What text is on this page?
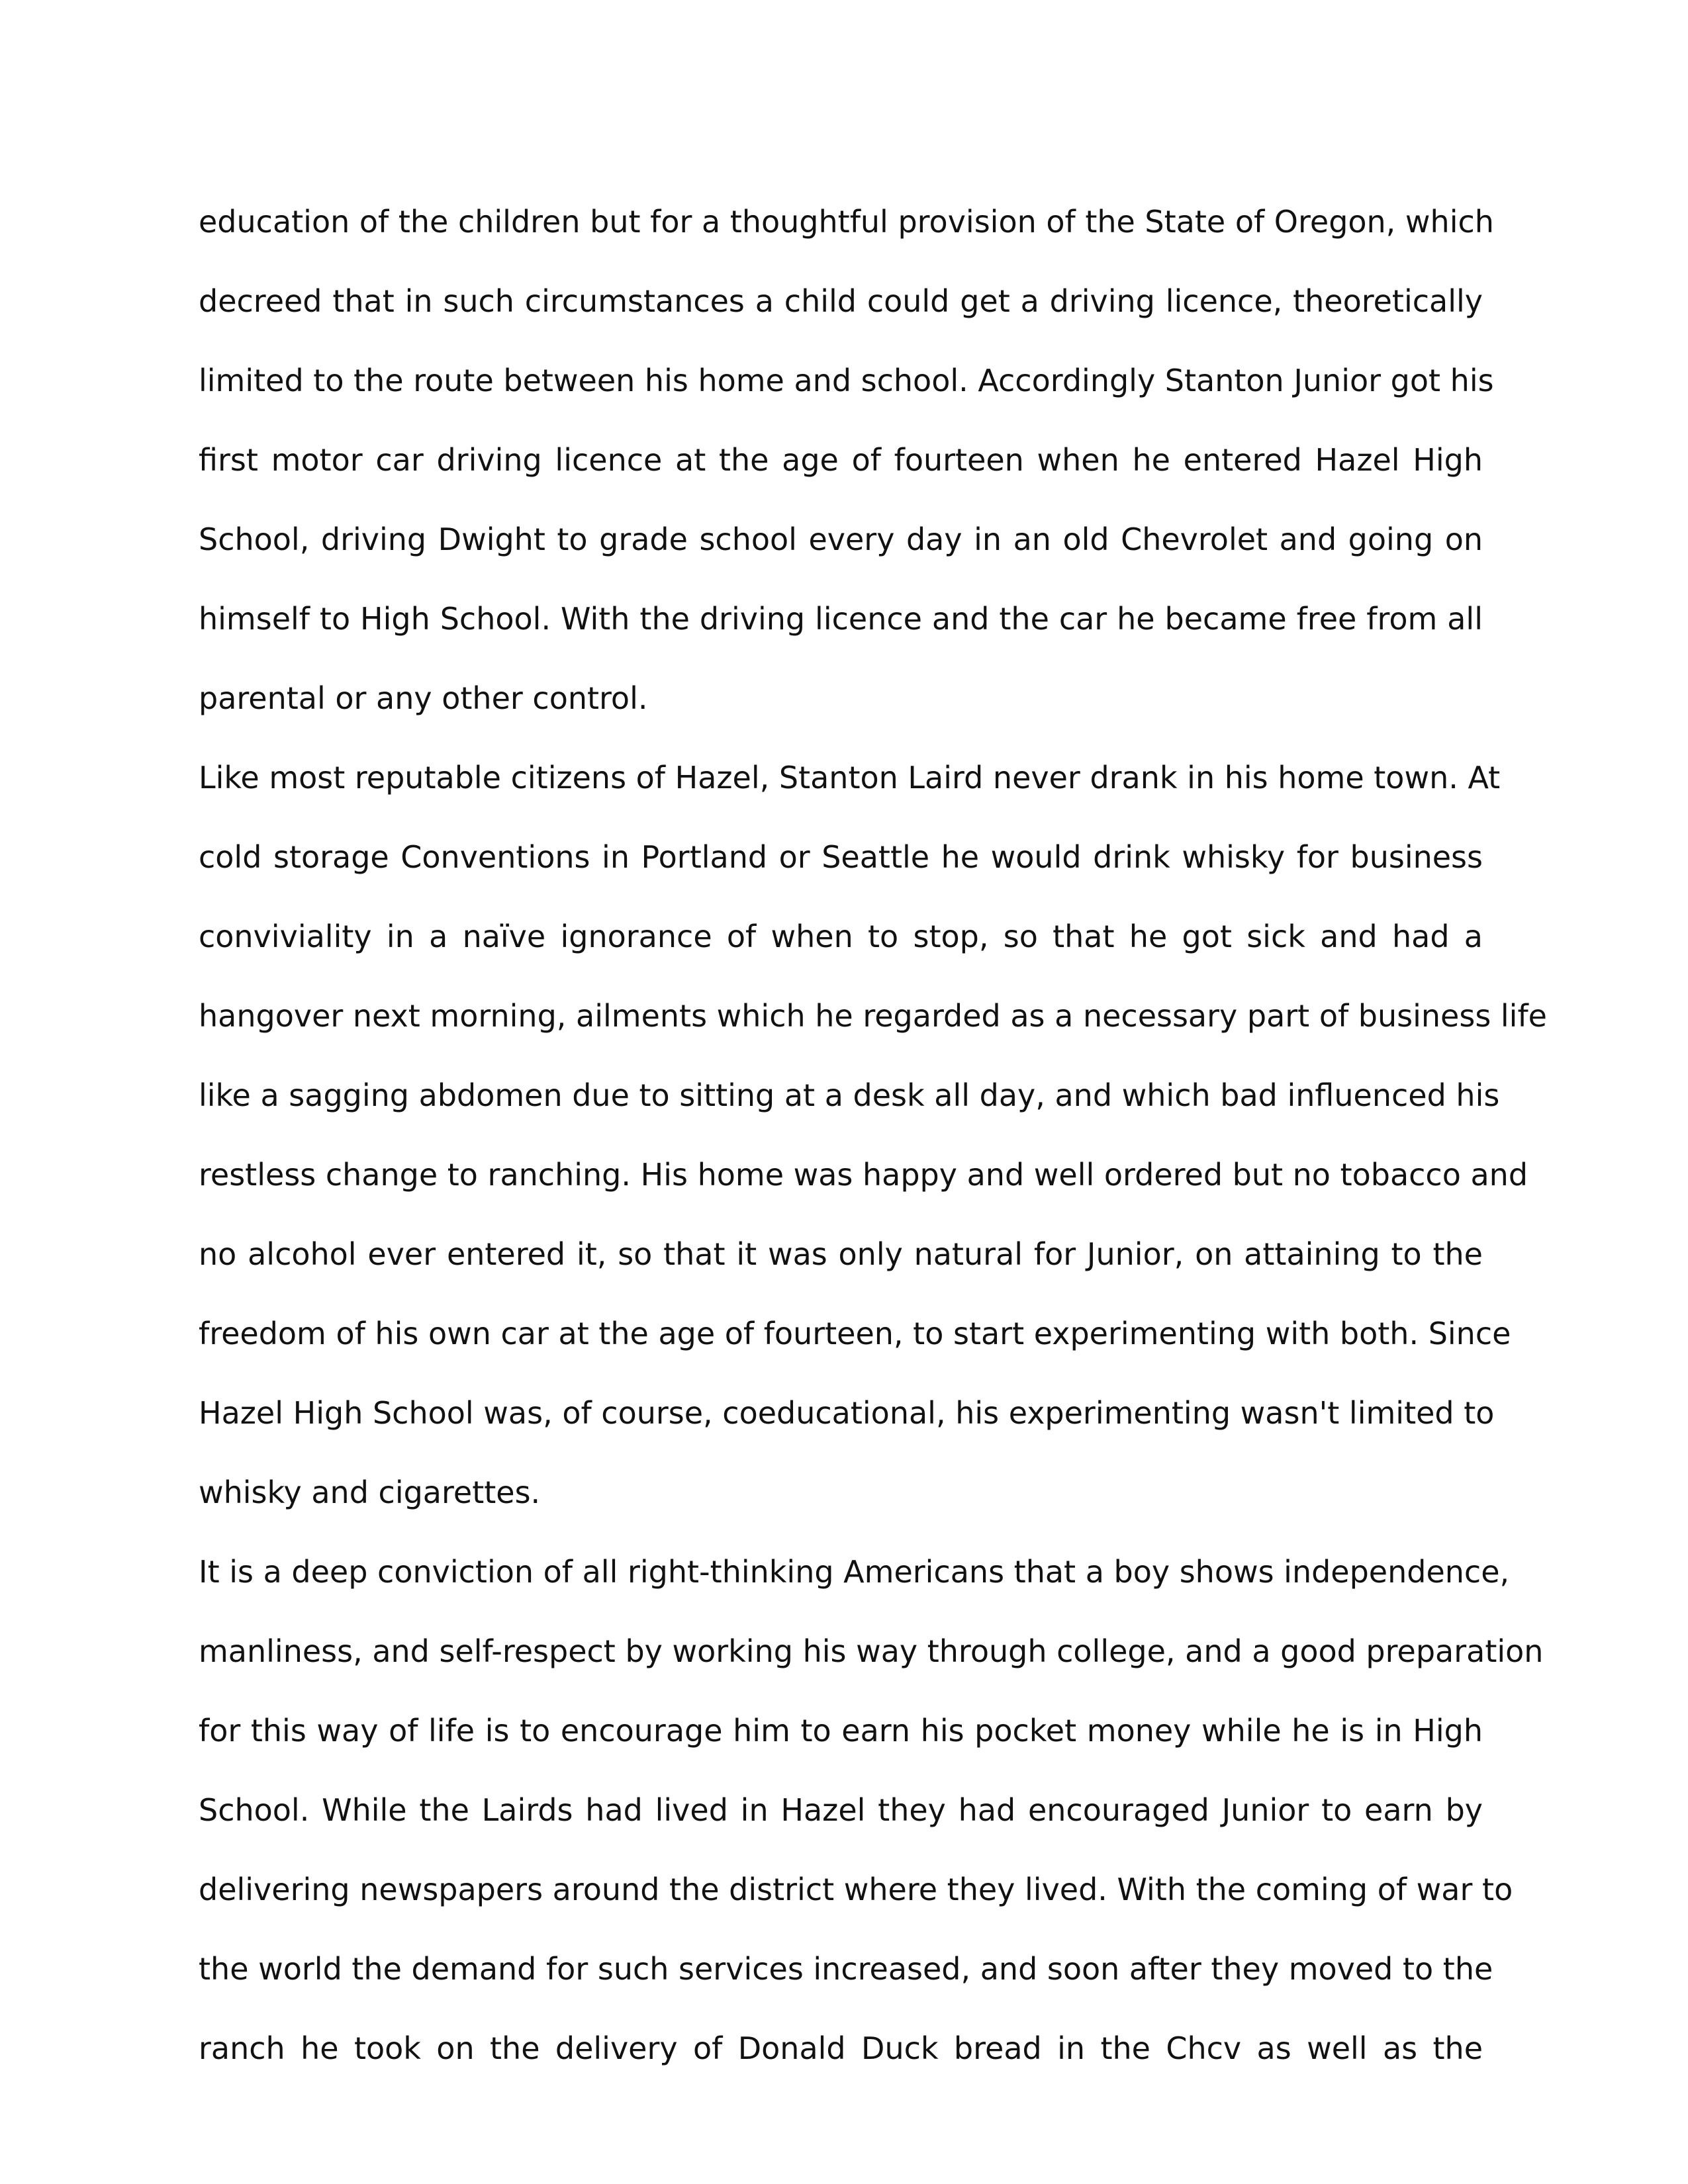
education of the children but for a thoughtful provision of the State of Oregon, which
decreed that in such circumstances a child could get a driving licence, theoretically
limited to the route between his home and school. Accordingly Stanton Junior got his
first motor car driving licence at the age of fourteen when he entered Hazel High
School, driving Dwight to grade school every day in an old Chevrolet and going on
himself to High School. With the driving licence and the car he became free from all
parental or any other control.
Like most reputable citizens of Hazel, Stanton Laird never drank in his home town. At
cold storage Conventions in Portland or Seattle he would drink whisky for business
conviviality in a naïve ignorance of when to stop, so that he got sick and had a
hangover next morning, ailments which he regarded as a necessary part of business life
like a sagging abdomen due to sitting at a desk all day, and which bad influenced his
restless change to ranching. His home was happy and well ordered but no tobacco and
no alcohol ever entered it, so that it was only natural for Junior, on attaining to the
freedom of his own car at the age of fourteen, to start experimenting with both. Since
Hazel High School was, of course, coeducational, his experimenting wasn't limited to
whisky and cigarettes.
It is a deep conviction of all right-thinking Americans that a boy shows independence,
manliness, and self-respect by working his way through college, and a good preparation
for this way of life is to encourage him to earn his pocket money while he is in High
School. While the Lairds had lived in Hazel they had encouraged Junior to earn by
delivering newspapers around the district where they lived. With the coming of war to
the world the demand for such services increased, and soon after they moved to the
ranch he took on the delivery of Donald Duck bread in the Chcv as well as the
